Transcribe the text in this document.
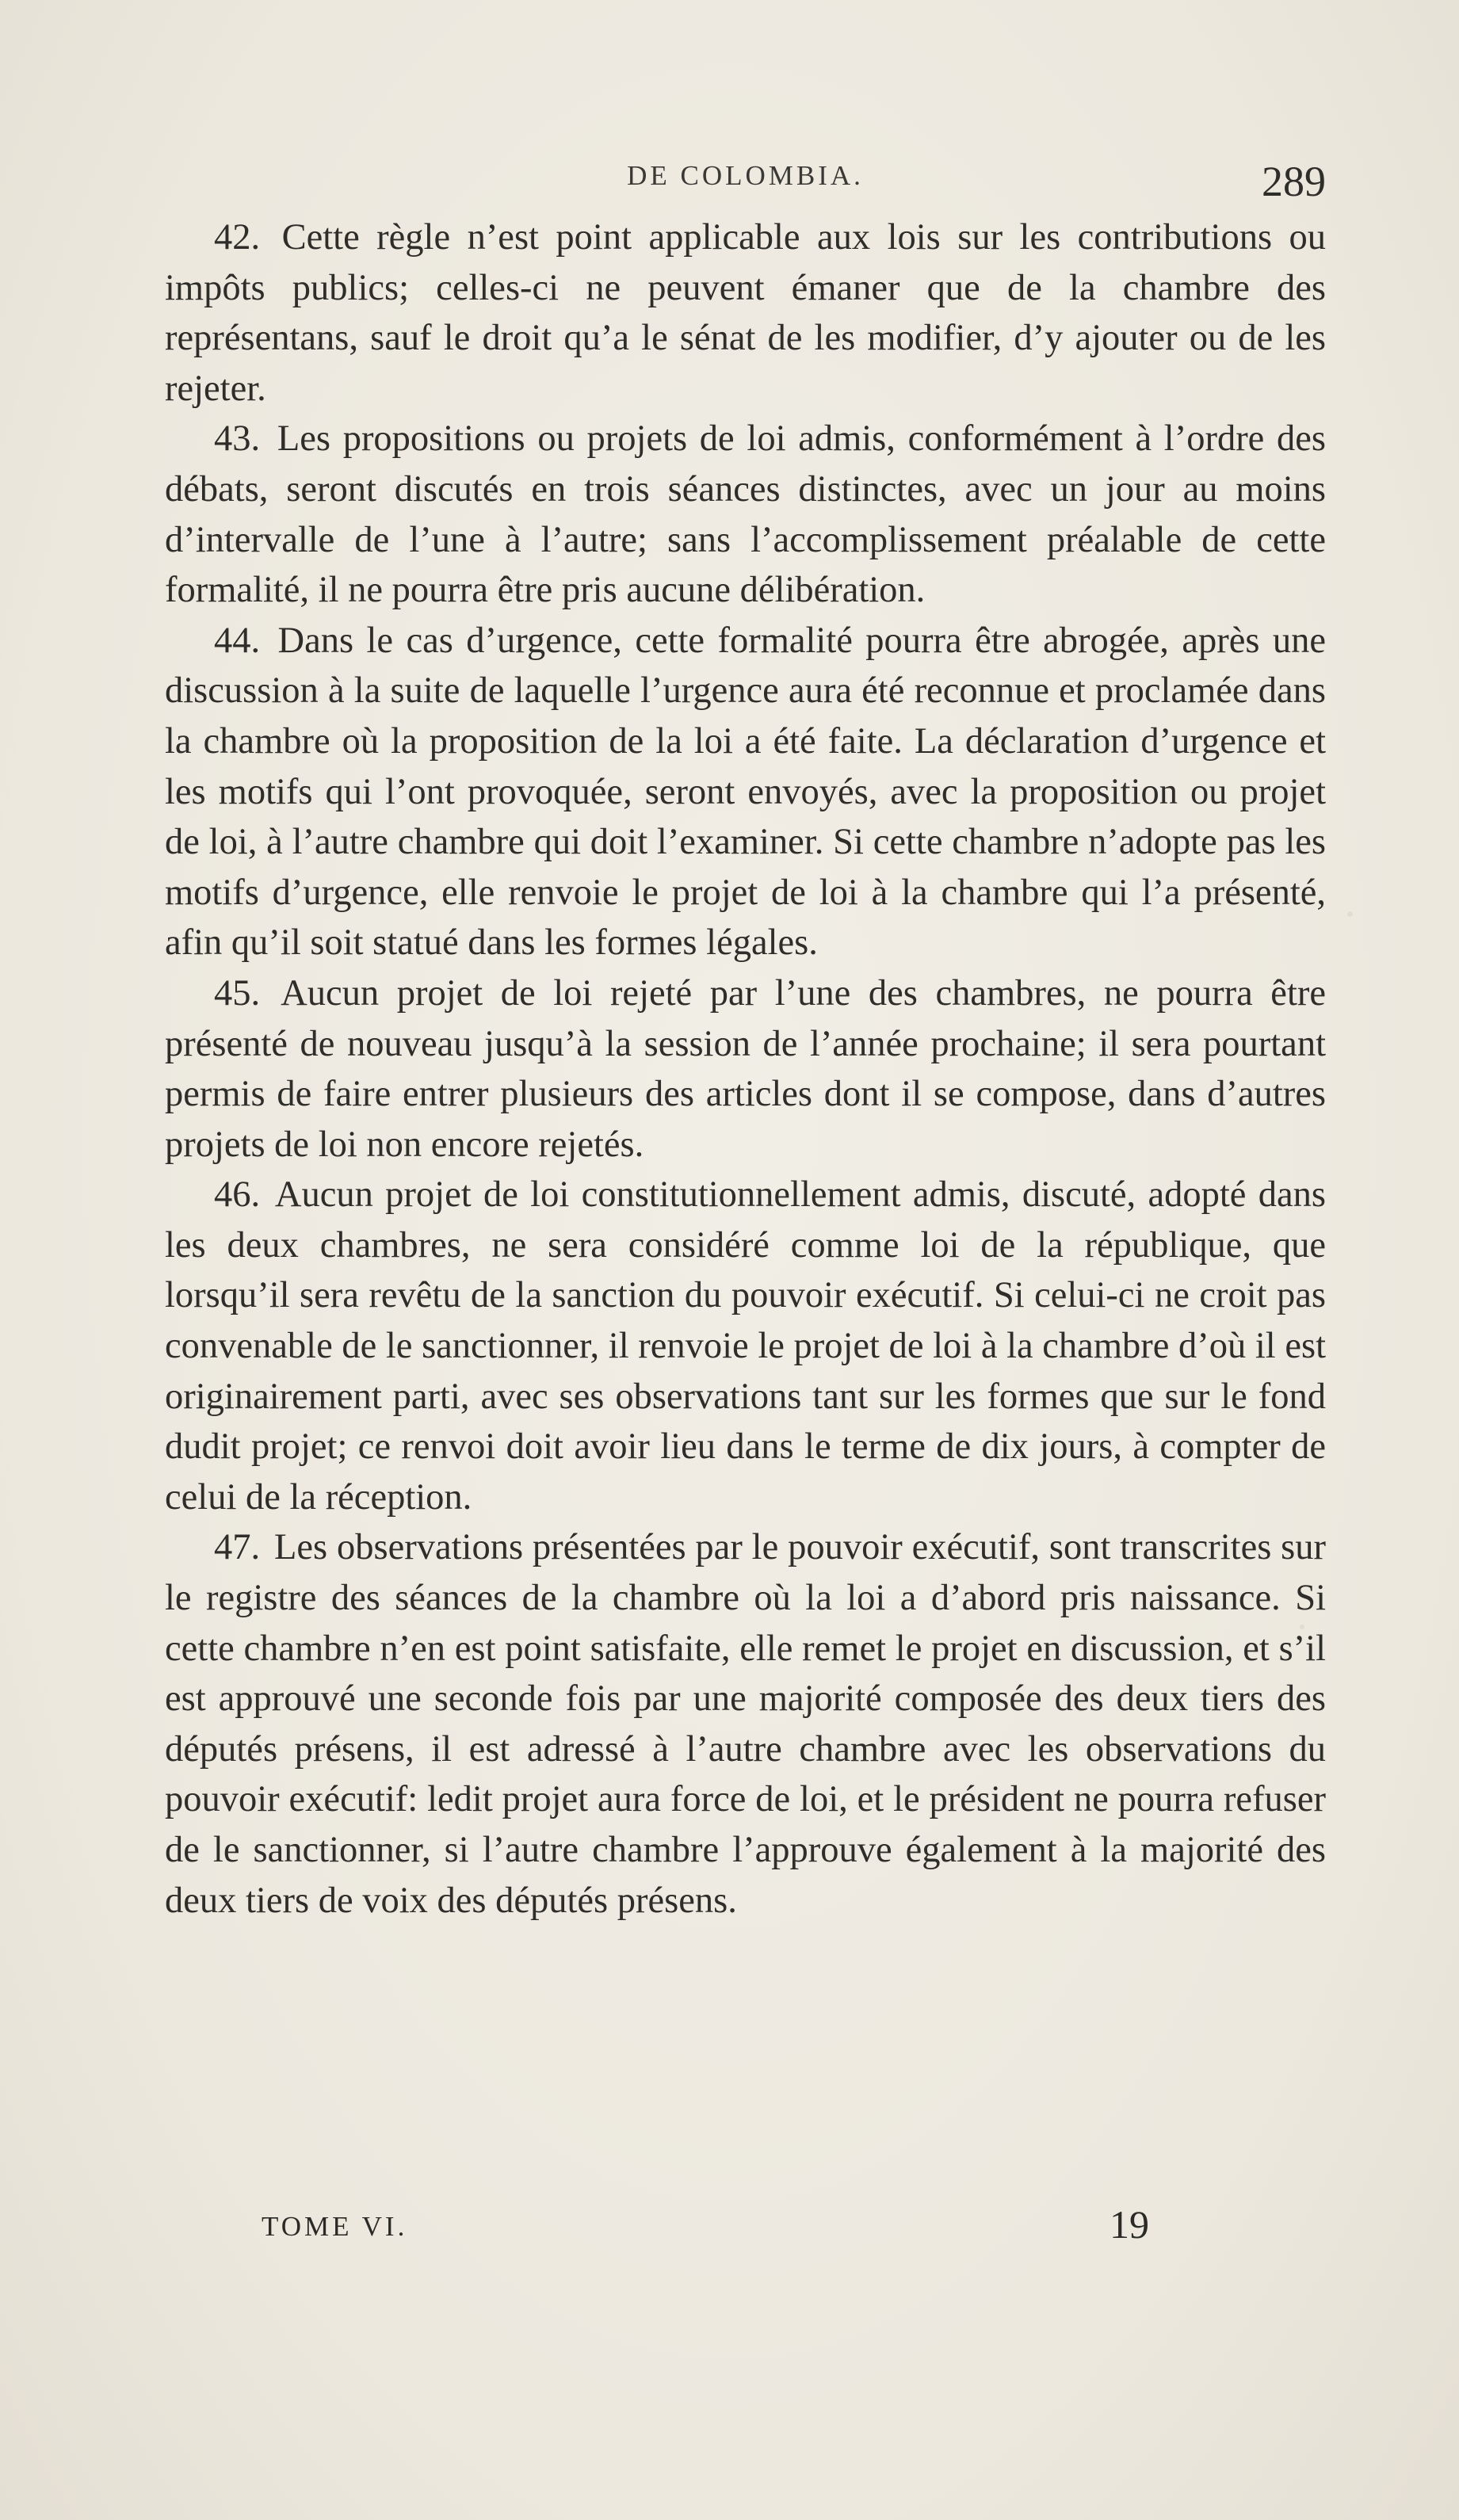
DE COLOMBIA.	289

42. Cette règle n’est point applicable aux lois sur les contributions ou impôts publics; celles-ci ne peuvent émaner que de la chambre des représentans, sauf le droit qu’a le sénat de les modifier, d’y ajouter ou de les rejeter.

43. Les propositions ou projets de loi admis, conformément à l’ordre des débats, seront discutés en trois séances distinctes, avec un jour au moins d’intervalle de l’une à l’autre; sans l’accomplissement préalable de cette formalité, il ne pourra être pris aucune délibération.

44. Dans le cas d’urgence, cette formalité pourra être abrogée, après une discussion à la suite de laquelle l’urgence aura été reconnue et proclamée dans la chambre où la proposition de la loi a été faite. La déclaration d’urgence et les motifs qui l’ont provoquée, seront envoyés, avec la proposition ou projet de loi, à l’autre chambre qui doit l’examiner. Si cette chambre n’adopte pas les motifs d’urgence, elle renvoie le projet de loi à la chambre qui l’a présenté, afin qu’il soit statué dans les formes légales.

45. Aucun projet de loi rejeté par l’une des chambres, ne pourra être présenté de nouveau jusqu’à la session de l’année prochaine; il sera pourtant permis de faire entrer plusieurs des articles dont il se compose, dans d’autres projets de loi non encore rejetés.

46. Aucun projet de loi constitutionnellement admis, discuté, adopté dans les deux chambres, ne sera considéré comme loi de la république, que lorsqu’il sera revêtu de la sanction du pouvoir exécutif. Si celui-ci ne croit pas convenable de le sanctionner, il renvoie le projet de loi à la chambre d’où il est originairement parti, avec ses observations tant sur les formes que sur le fond dudit projet; ce renvoi doit avoir lieu dans le terme de dix jours, à compter de celui de la réception.

47. Les observations présentées par le pouvoir exécutif, sont transcrites sur le registre des séances de la chambre où la loi a d’abord pris naissance. Si cette chambre n’en est point satisfaite, elle remet le projet en discussion, et s’il est approuvé une seconde fois par une majorité composée des deux tiers des députés présens, il est adressé à l’autre chambre avec les observations du pouvoir exécutif: ledit projet aura force de loi, et le président ne pourra refuser de le sanctionner, si l’autre chambre l’approuve également à la majorité des deux tiers de voix des députés présens.

TOME VI.	19
